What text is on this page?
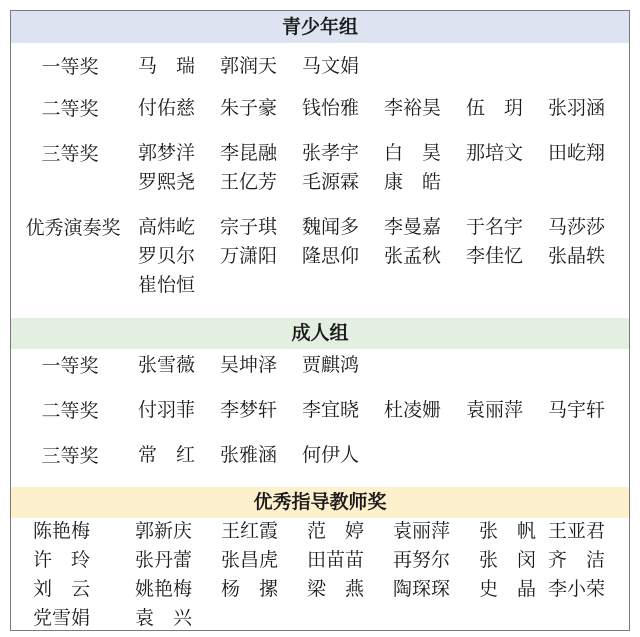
青少年组
一等奖	马　瑞	郭润天	马文娟
二等奖	付佑慈	朱子豪	钱怡雅	李裕昊	伍　玥	张羽涵
三等奖	郭梦洋	李昆融	张孝宇	白　昊	那培文	田屹翔
罗熙尧	王亿芳	毛源霖	康　皓
优秀演奏奖 高炜屹	宗子琪	魏闻多	李曼嘉	于名宇	马莎莎
罗贝尔	万潇阳	隆思仰	张孟秋	李佳忆	张晶轶
崔怡恒
成人组
一等奖	张雪薇	吴坤泽	贾麒鸿
二等奖	付羽菲	李梦轩	李宜晓	杜凌姗	袁丽萍	马宇轩
三等奖	常　红	张雅涵	何伊人
优秀指导教师奖
陈艳梅	郭新庆	王红霞	范　婷	袁丽萍	张　帆 王亚君
许　玲	张丹蕾	张昌虎	田苗苗	再努尔	张　闵 齐　洁
刘　云	姚艳梅	杨　摞	梁　燕	陶琛琛	史　晶 李小荣
党雪娟	袁　兴
